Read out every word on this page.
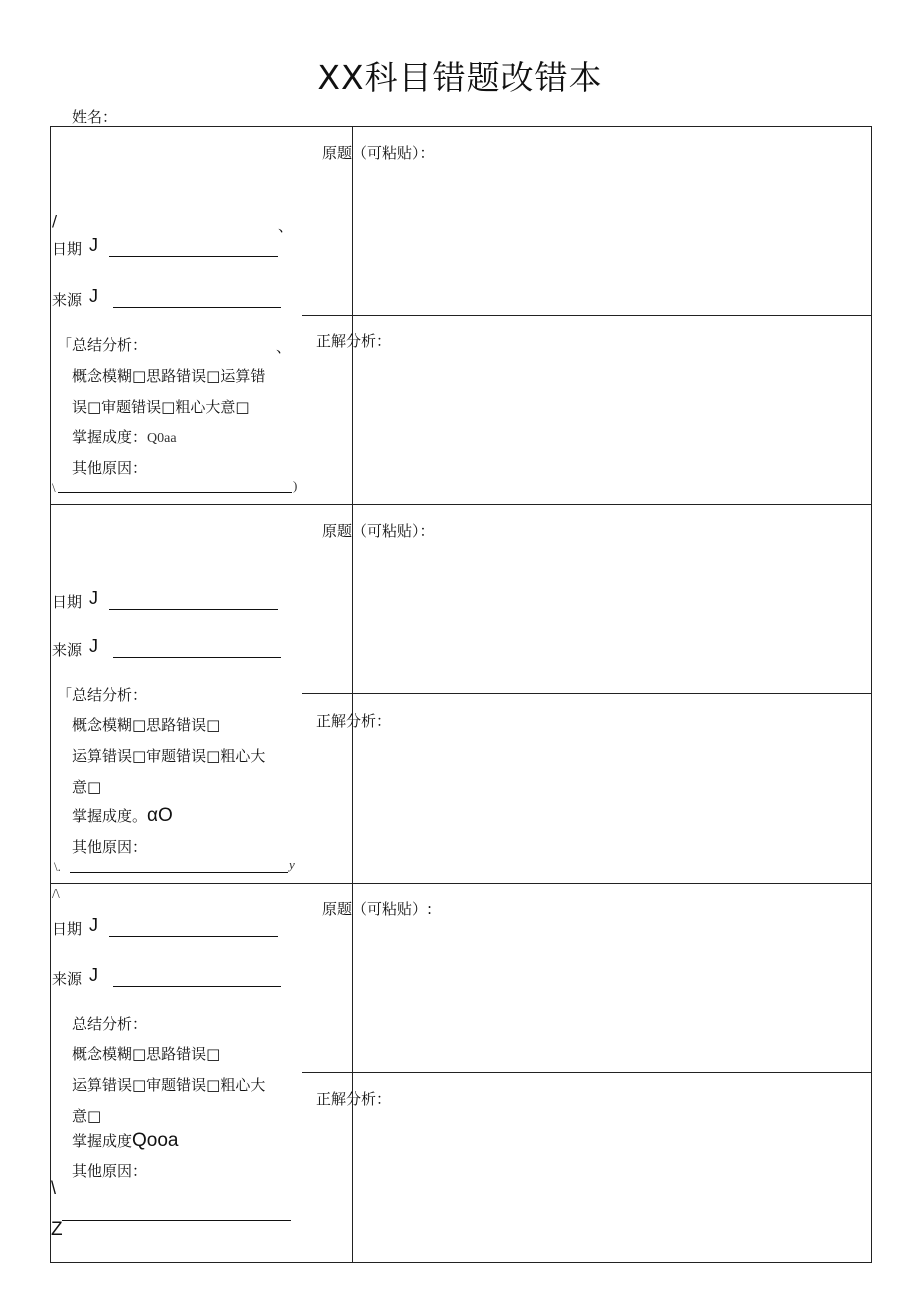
XX科目错题改错本
姓名：
/	、
日期 J
来源 J
「总结分析：	、
概念模糊□思路错误□运算错
误□审题错误□粗心大意□
掌握成度：Q0aa
其他原因：
\	)
原题（可粘贴）：
正解分析：
日期 J
来源 J
「总结分析：
概念模糊□思路错误□
运算错误□审题错误□粗心大
意□
掌握成度。αO
其他原因：
\.	y
原题（可粘贴）：
正解分析：
/\
日期 J
来源 J
总结分析：
概念模糊□思路错误□
运算错误□审题错误□粗心大
意□
掌握成度Qooa
其他原因：
\
Z
原题（可粘贴）:
正解分析：
